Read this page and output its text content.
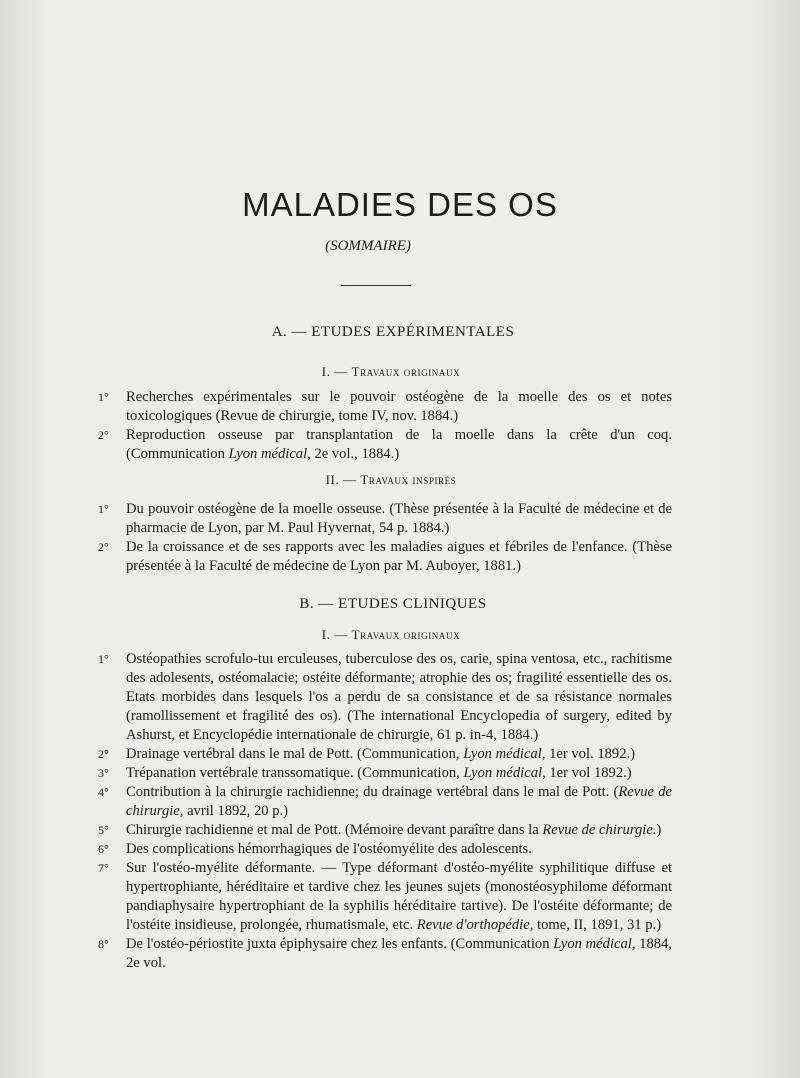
MALADIES DES OS
(SOMMAIRE)
A. — ETUDES EXPÉRIMENTALES
I. — Travaux originaux
1° Recherches expérimentales sur le pouvoir ostéogène de la moelle des os et notes toxicologiques (Revue de chirurgie, tome IV, nov. 1884.)
2° Reproduction osseuse par transplantation de la moelle dans la crête d'un coq. (Communication Lyon médical, 2e vol., 1884.)
II. — Travaux inspirés
1° Du pouvoir ostéogène de la moelle osseuse. (Thèse présentée à la Faculté de médecine et de pharmacie de Lyon, par M. Paul Hyvernat, 54 p. 1884.)
2° De la croissance et de ses rapports avec les maladies aigues et fébriles de l'enfance. (Thèse présentée à la Faculté de médecine de Lyon par M. Auboyer, 1881.)
B. — ETUDES CLINIQUES
I. — Travaux originaux
1° Ostéopathies scrofulo-tuı erculeuses, tuberculose des os, carie, spina ventosa, etc., rachitisme des adolesents, ostéomalacie; ostéite déformante; atrophie des os; fragilité essentielle des os. Etats morbides dans lesquels l'os a perdu de sa consistance et de sa résistance normales (ramollissement et fragilité des os). (The international Encyclopedia of surgery, edited by Ashurst, et Encyclopédie internationale de chirurgie, 61 p. in-4, 1884.)
2° Drainage vertébral dans le mal de Pott. (Communication, Lyon médical, 1er vol. 1892.)
3° Trépanation vertébrale transsomatique. (Communication, Lyon médical, 1er vol 1892.)
4° Contribution à la chirurgie rachidienne; du drainage vertébral dans le mal de Pott. (Revue de chirurgie, avril 1892, 20 p.)
5° Chirurgie rachidienne et mal de Pott. (Mémoire devant paraître dans la Revue de chirurgie.)
6° Des complications hémorrhagiques de l'ostéomyélite des adolescents.
7° Sur l'ostéo-myélite déformante. — Type déformant d'ostéo-myélite syphilitique diffuse et hypertrophiante, héréditaire et tardive chez les jeunes sujets (monostéosyphilome déformant pandiaphysaire hypertrophiant de la syphilis héréditaire tartive). De l'ostéite déformante; de l'ostéite insidieuse, prolongée, rhumatismale, etc. Revue d'orthopédie, tome, II, 1891, 31 p.)
8° De l'ostéo-périostite juxta épiphysaire chez les enfants. (Communication Lyon médical, 1884, 2e vol.
